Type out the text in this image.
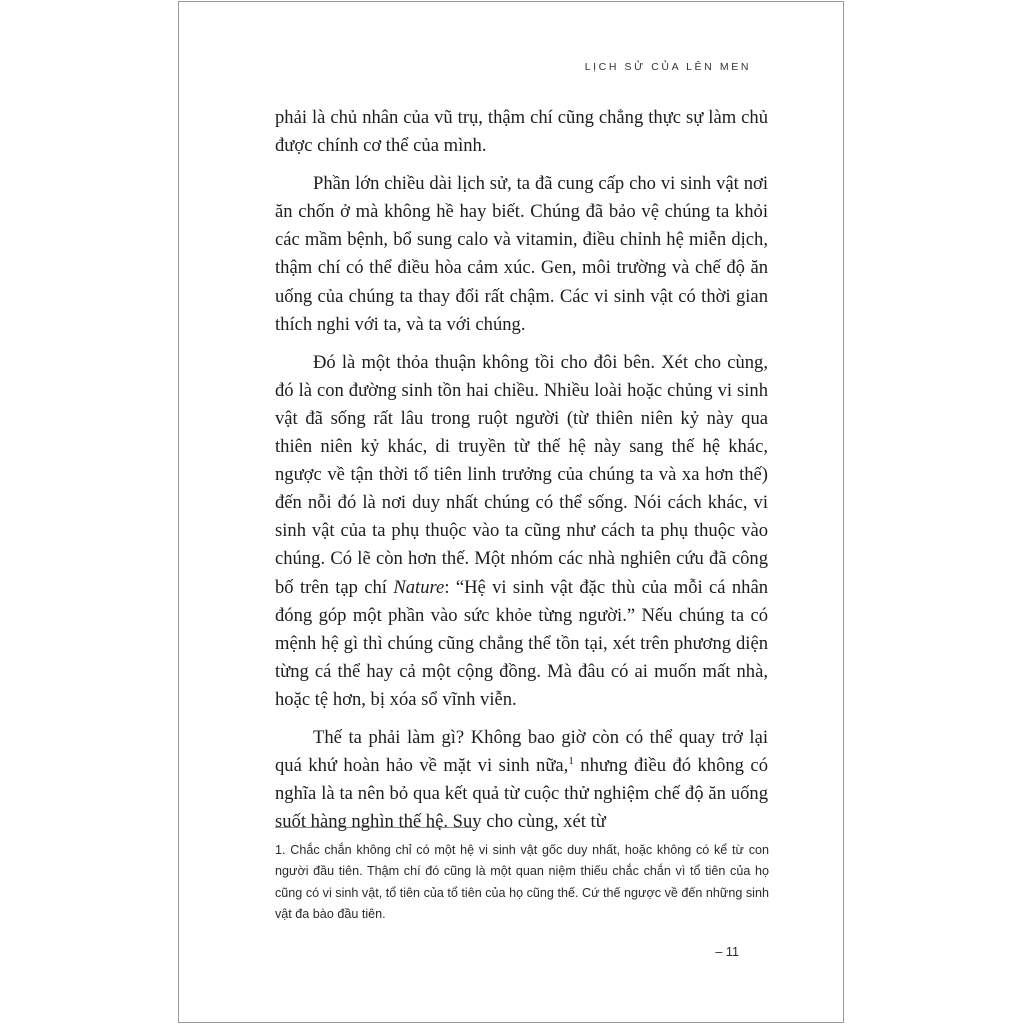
LỊCH SỬ CỦA LÊN MEN

phải là chủ nhân của vũ trụ, thậm chí cũng chẳng thực sự làm chủ được chính cơ thể của mình.

Phần lớn chiều dài lịch sử, ta đã cung cấp cho vi sinh vật nơi ăn chốn ở mà không hề hay biết. Chúng đã bảo vệ chúng ta khỏi các mầm bệnh, bổ sung calo và vitamin, điều chỉnh hệ miễn dịch, thậm chí có thể điều hòa cảm xúc. Gen, môi trường và chế độ ăn uống của chúng ta thay đổi rất chậm. Các vi sinh vật có thời gian thích nghi với ta, và ta với chúng.

Đó là một thỏa thuận không tồi cho đôi bên. Xét cho cùng, đó là con đường sinh tồn hai chiều. Nhiều loài hoặc chủng vi sinh vật đã sống rất lâu trong ruột người (từ thiên niên kỷ này qua thiên niên kỷ khác, di truyền từ thế hệ này sang thế hệ khác, ngược về tận thời tổ tiên linh trưởng của chúng ta và xa hơn thế) đến nỗi đó là nơi duy nhất chúng có thể sống. Nói cách khác, vi sinh vật của ta phụ thuộc vào ta cũng như cách ta phụ thuộc vào chúng. Có lẽ còn hơn thế. Một nhóm các nhà nghiên cứu đã công bố trên tạp chí Nature: “Hệ vi sinh vật đặc thù của mỗi cá nhân đóng góp một phần vào sức khỏe từng người.” Nếu chúng ta có mệnh hệ gì thì chúng cũng chẳng thể tồn tại, xét trên phương diện từng cá thể hay cả một cộng đồng. Mà đâu có ai muốn mất nhà, hoặc tệ hơn, bị xóa sổ vĩnh viễn.

Thế ta phải làm gì? Không bao giờ còn có thể quay trở lại quá khứ hoàn hảo về mặt vi sinh nữa,$^1$ nhưng điều đó không có nghĩa là ta nên bỏ qua kết quả từ cuộc thử nghiệm chế độ ăn uống suốt hàng nghìn thế hệ. Suy cho cùng, xét từ

1. Chắc chắn không chỉ có một hệ vi sinh vật gốc duy nhất, hoặc không có kể từ con người đầu tiên. Thậm chí đó cũng là một quan niệm thiếu chắc chắn vì tổ tiên của họ cũng có vi sinh vật, tổ tiên của tổ tiên của họ cũng thế. Cứ thế ngược về đến những sinh vật đa bào đầu tiên.
– 11
